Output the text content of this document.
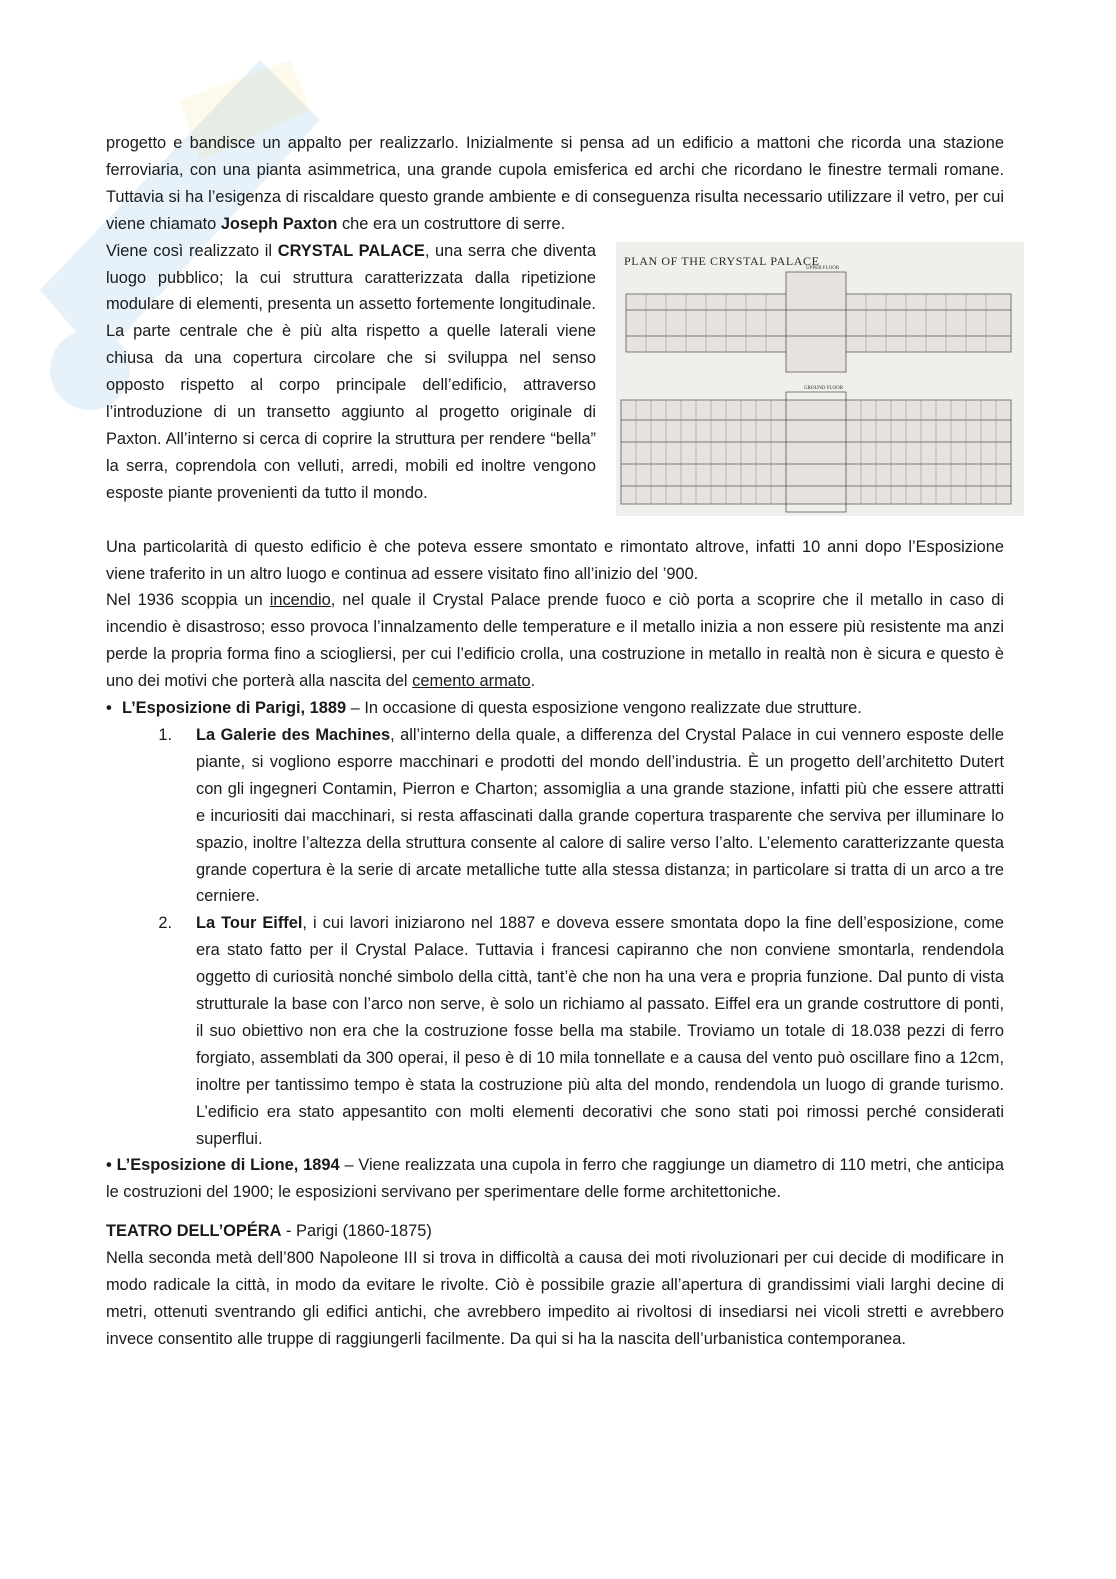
progetto e bandisce un appalto per realizzarlo. Inizialmente si pensa ad un edificio a mattoni che ricorda una stazione ferroviaria, con una pianta asimmetrica, una grande cupola emisferica ed archi che ricordano le finestre termali romane. Tuttavia si ha l’esigenza di riscaldare questo grande ambiente e di conseguenza risulta necessario utilizzare il vetro, per cui viene chiamato Joseph Paxton che era un costruttore di serre.

Viene così realizzato il CRYSTAL PALACE, una serra che diventa luogo pubblico; la cui struttura caratterizzata dalla ripetizione modulare di elementi, presenta un assetto fortemente longitudinale. La parte centrale che è più alta rispetto a quelle laterali viene chiusa da una copertura circolare che si sviluppa nel senso opposto rispetto al corpo principale dell’edificio, attraverso l’introduzione di un transetto aggiunto al progetto originale di Paxton. All’interno si cerca di coprire la struttura per rendere “bella” la serra, coprendola con velluti, arredi, mobili ed inoltre vengono esposte piante provenienti da tutto il mondo.

PLAN OF THE CRYSTAL PALACE
UPPER FLOOR
GROUND FLOOR

Una particolarità di questo edificio è che poteva essere smontato e rimontato altrove, infatti 10 anni dopo l’Esposizione viene traferito in un altro luogo e continua ad essere visitato fino all’inizio del ’900.

Nel 1936 scoppia un incendio, nel quale il Crystal Palace prende fuoco e ciò porta a scoprire che il metallo in caso di incendio è disastroso; esso provoca l’innalzamento delle temperature e il metallo inizia a non essere più resistente ma anzi perde la propria forma fino a sciogliersi, per cui l’edificio crolla, una costruzione in metallo in realtà non è sicura e questo è uno dei motivi che porterà alla nascita del cemento armato.

• L’Esposizione di Parigi, 1889 – In occasione di questa esposizione vengono realizzate due strutture.

1. La Galerie des Machines, all’interno della quale, a differenza del Crystal Palace in cui vennero esposte delle piante, si vogliono esporre macchinari e prodotti del mondo dell’industria. È un progetto dell’architetto Dutert con gli ingegneri Contamin, Pierron e Charton; assomiglia a una grande stazione, infatti più che essere attratti e incuriositi dai macchinari, si resta affascinati dalla grande copertura trasparente che serviva per illuminare lo spazio, inoltre l’altezza della struttura consente al calore di salire verso l’alto. L’elemento caratterizzante questa grande copertura è la serie di arcate metalliche tutte alla stessa distanza; in particolare si tratta di un arco a tre cerniere.
2. La Tour Eiffel, i cui lavori iniziarono nel 1887 e doveva essere smontata dopo la fine dell’esposizione, come era stato fatto per il Crystal Palace. Tuttavia i francesi capiranno che non conviene smontarla, rendendola oggetto di curiosità nonché simbolo della città, tant’è che non ha una vera e propria funzione. Dal punto di vista strutturale la base con l’arco non serve, è solo un richiamo al passato. Eiffel era un grande costruttore di ponti, il suo obiettivo non era che la costruzione fosse bella ma stabile. Troviamo un totale di 18.038 pezzi di ferro forgiato, assemblati da 300 operai, il peso è di 10 mila tonnellate e a causa del vento può oscillare fino a 12cm, inoltre per tantissimo tempo è stata la costruzione più alta del mondo, rendendola un luogo di grande turismo. L’edificio era stato appesantito con molti elementi decorativi che sono stati poi rimossi perché considerati superflui.

• L’Esposizione di Lione, 1894 – Viene realizzata una cupola in ferro che raggiunge un diametro di 110 metri, che anticipa le costruzioni del 1900; le esposizioni servivano per sperimentare delle forme architettoniche.

TEATRO DELL’OPÉRA - Parigi (1860-1875)

Nella seconda metà dell’800 Napoleone III si trova in difficoltà a causa dei moti rivoluzionari per cui decide di modificare in modo radicale la città, in modo da evitare le rivolte. Ciò è possibile grazie all’apertura di grandissimi viali larghi decine di metri, ottenuti sventrando gli edifici antichi, che avrebbero impedito ai rivoltosi di insediarsi nei vicoli stretti e avrebbero invece consentito alle truppe di raggiungerli facilmente. Da qui si ha la nascita dell’urbanistica contemporanea.
